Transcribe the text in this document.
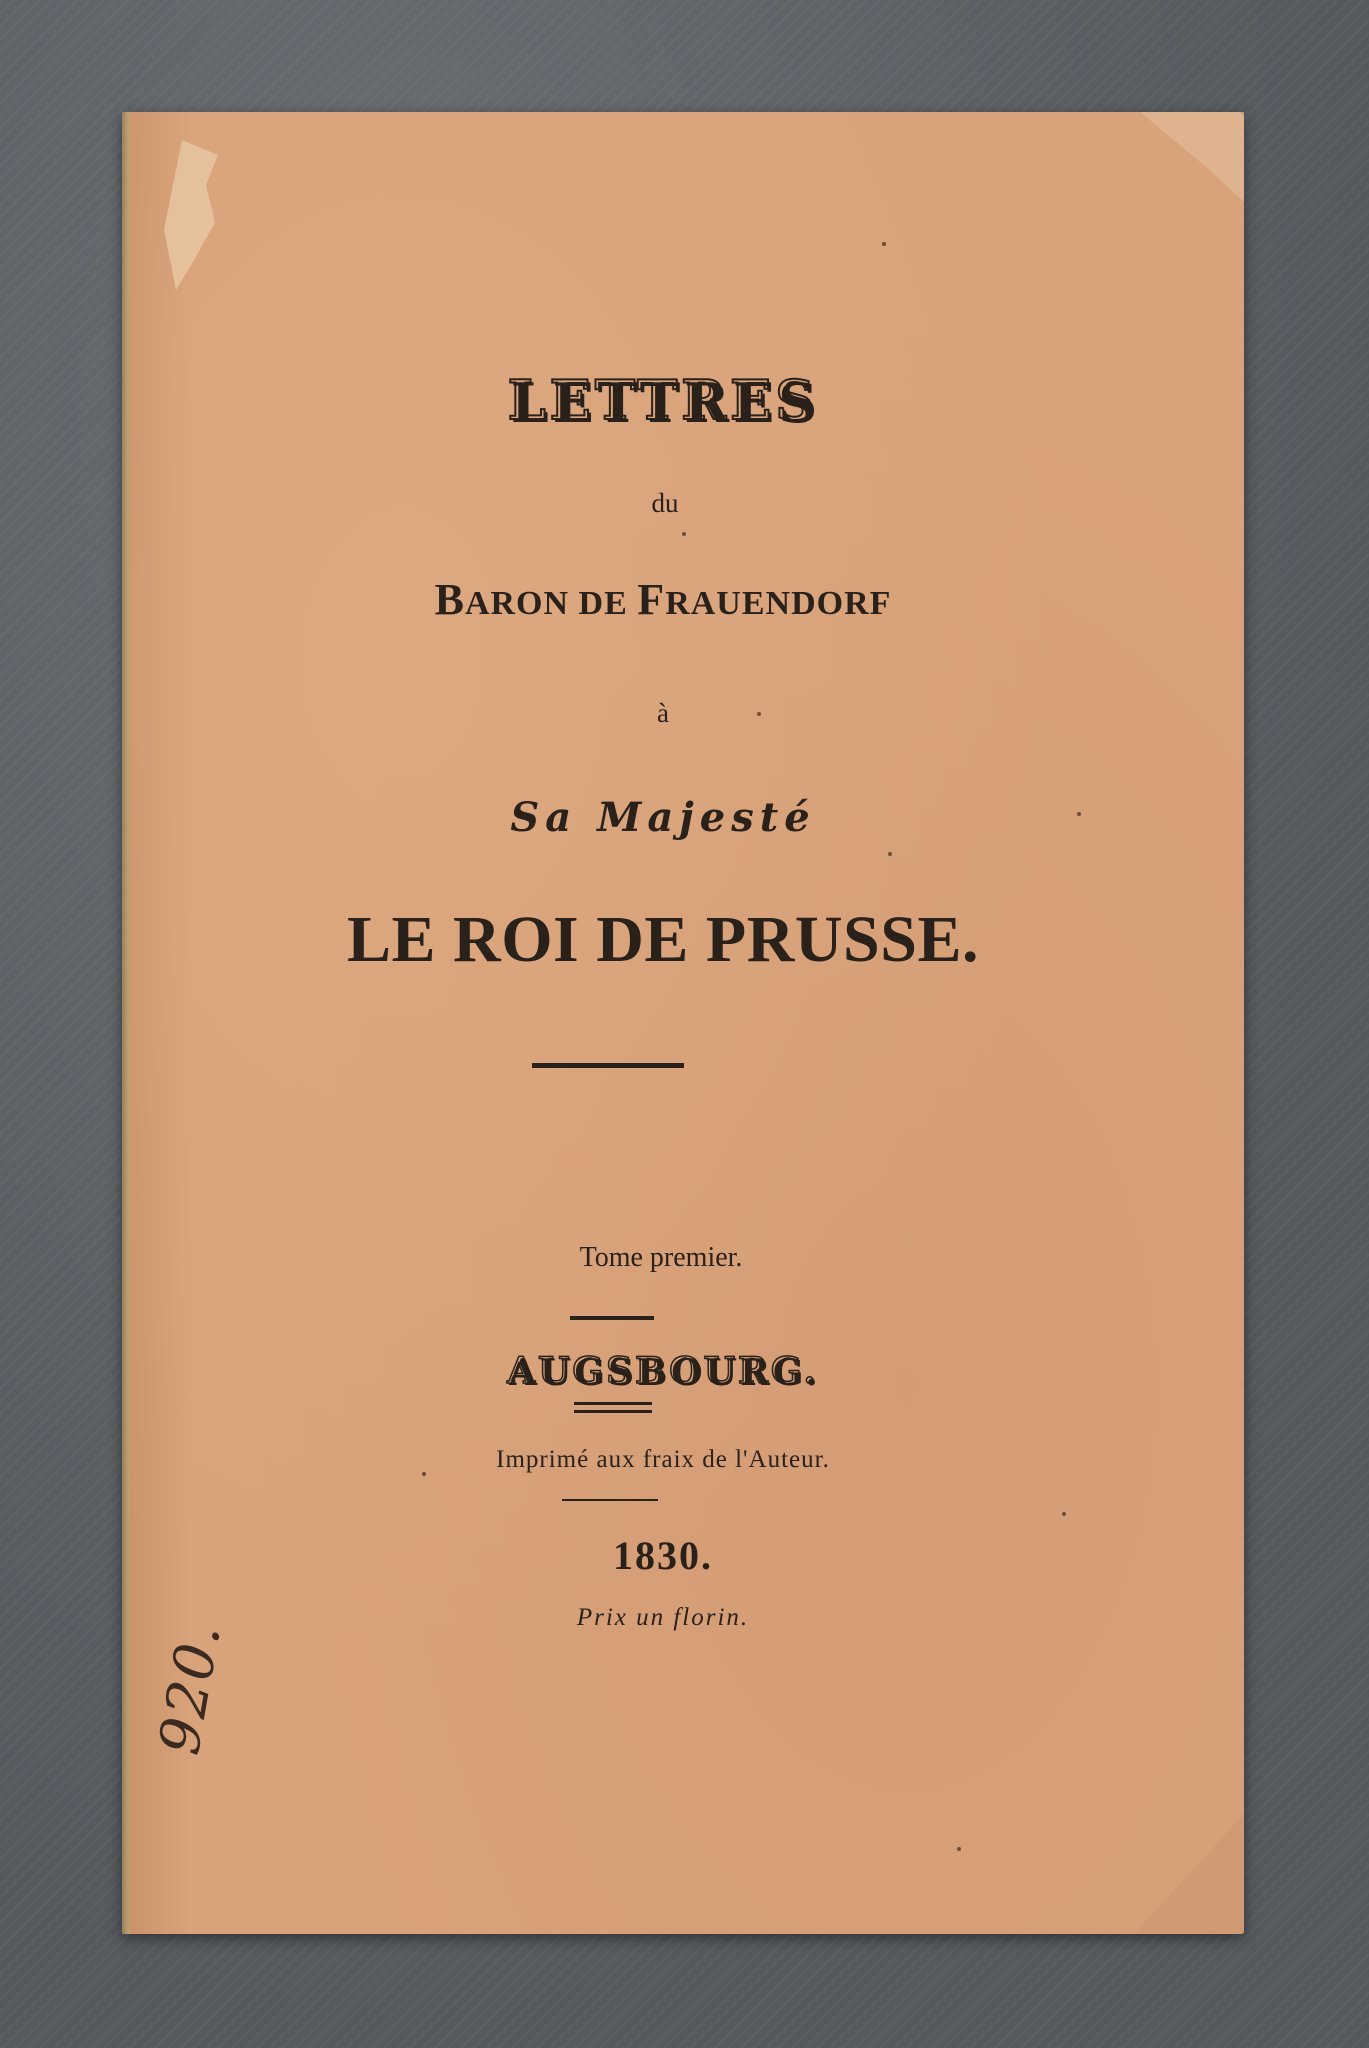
LETTRES
du
BARON DE FRAUENDORF
à
Sa Majesté
LE ROI DE PRUSSE.
Tome premier.
AUGSBOURG.
Imprimé aux fraix de l'Auteur.
1830.
Prix un florin.
920.
